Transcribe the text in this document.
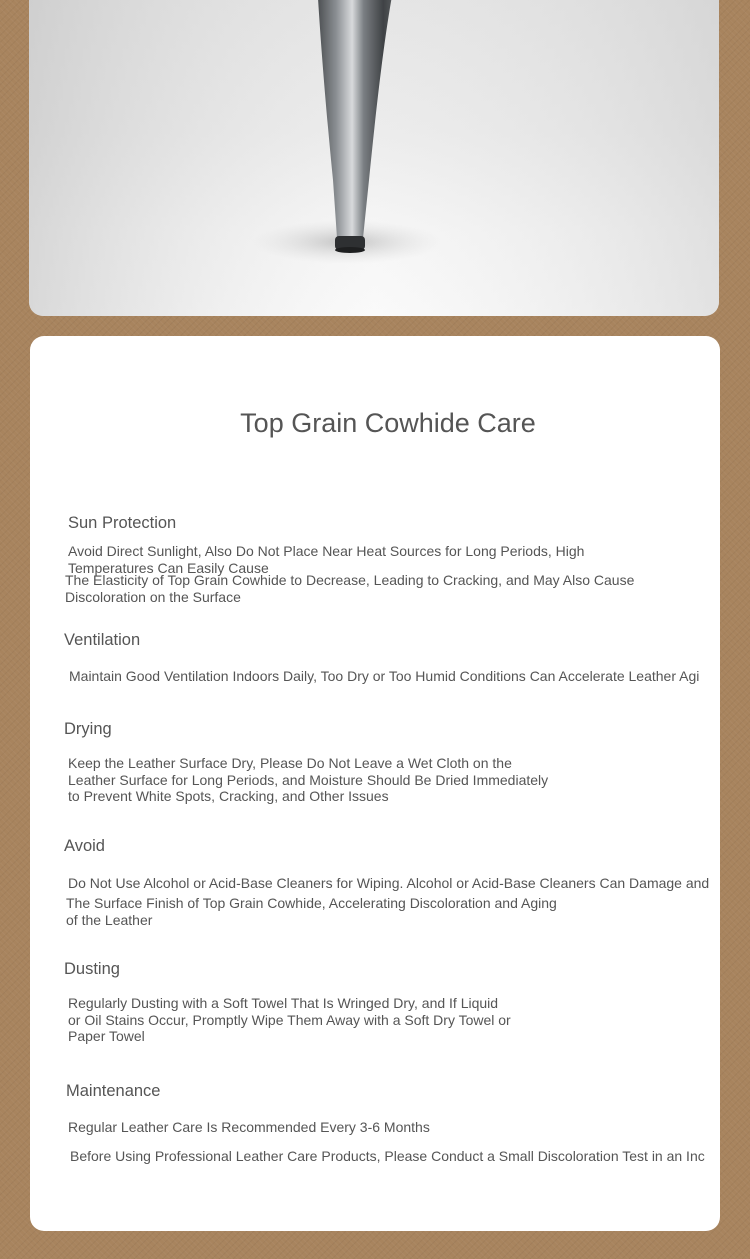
Top Grain Cowhide Care
Sun Protection
Avoid Direct Sunlight, Also Do Not Place Near Heat Sources for Long Periods, High Temperatures Can Easily Cause
The Elasticity of Top Grain Cowhide to Decrease, Leading to Cracking, and May Also Cause Discoloration on the Surface
Ventilation
Maintain Good Ventilation Indoors Daily, Too Dry or Too Humid Conditions Can Accelerate Leather Agi
Drying
Keep the Leather Surface Dry, Please Do Not Leave a Wet Cloth on the Leather Surface for Long Periods, and Moisture Should Be Dried Immediately to Prevent White Spots, Cracking, and Other Issues
Avoid
Do Not Use Alcohol or Acid-Base Cleaners for Wiping. Alcohol or Acid-Base Cleaners Can Damage and
The Surface Finish of Top Grain Cowhide, Accelerating Discoloration and Aging of the Leather
Dusting
Regularly Dusting with a Soft Towel That Is Wringed Dry, and If Liquid or Oil Stains Occur, Promptly Wipe Them Away with a Soft Dry Towel or Paper Towel
Maintenance
Regular Leather Care Is Recommended Every 3-6 Months
Before Using Professional Leather Care Products, Please Conduct a Small Discoloration Test in an Inc
